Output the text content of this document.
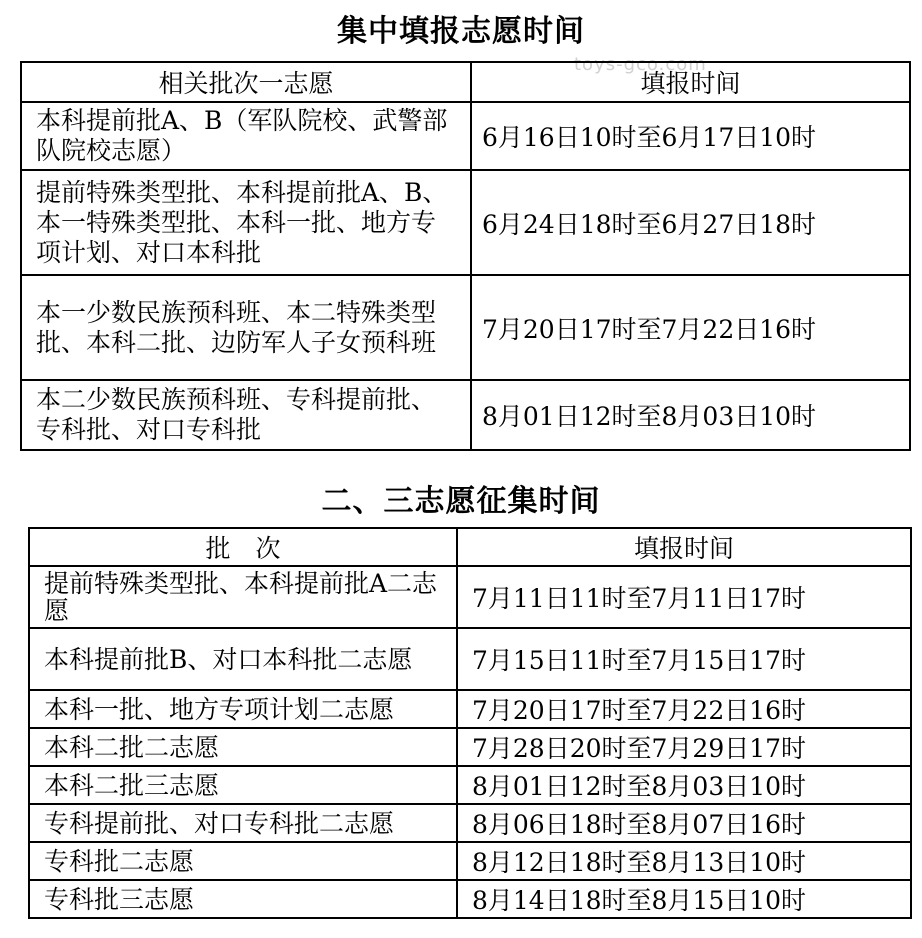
集中填报志愿时间
toys-gco.com
相关批次一志愿	填报时间
本科提前批A、B（军队院校、武警部队院校志愿）	6月16日10时至6月17日10时
提前特殊类型批、本科提前批A、B、本一特殊类型批、本科一批、地方专项计划、对口本科批	6月24日18时至6月27日18时
本一少数民族预科班、本二特殊类型批、本科二批、边防军人子女预科班	7月20日17时至7月22日16时
本二少数民族预科班、专科提前批、专科批、对口专科批	8月01日12时至8月03日10时
二、三志愿征集时间
批　次	填报时间
提前特殊类型批、本科提前批A二志愿	7月11日11时至7月11日17时
本科提前批B、对口本科批二志愿	7月15日11时至7月15日17时
本科一批、地方专项计划二志愿	7月20日17时至7月22日16时
本科二批二志愿	7月28日20时至7月29日17时
本科二批三志愿	8月01日12时至8月03日10时
专科提前批、对口专科批二志愿	8月06日18时至8月07日16时
专科批二志愿	8月12日18时至8月13日10时
专科批三志愿	8月14日18时至8月15日10时
